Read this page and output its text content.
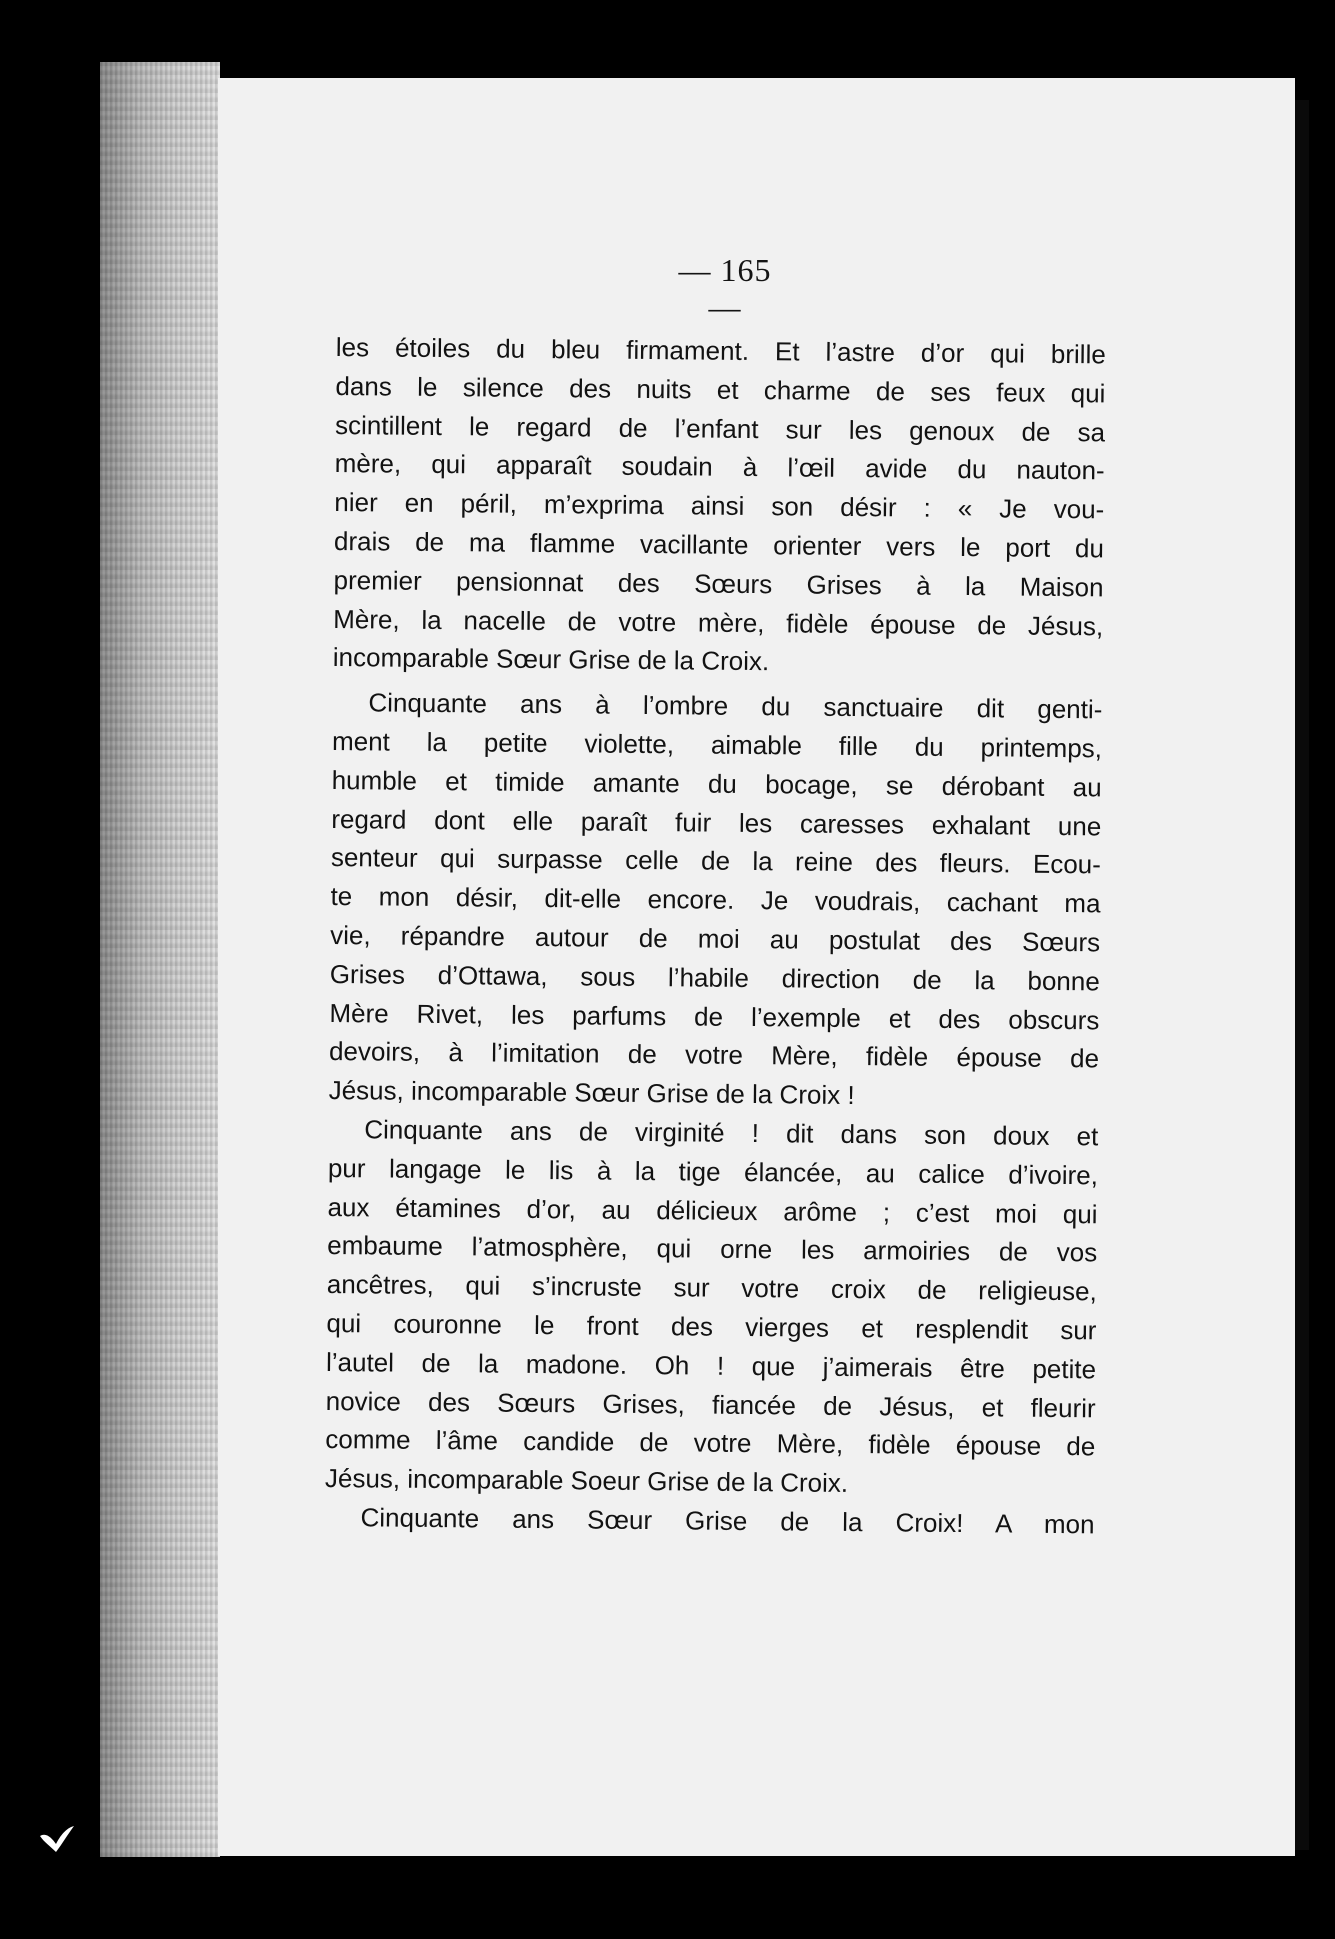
— 165 —
les étoiles du bleu firmament. Et l’astre d’or qui brille
dans le silence des nuits et charme de ses feux qui
scintillent le regard de l’enfant sur les genoux de sa
mère, qui apparaît soudain à l’œil avide du nauton-
nier en péril, m’exprima ainsi son désir : « Je vou-
drais de ma flamme vacillante orienter vers le port du
premier pensionnat des Sœurs Grises à la Maison
Mère, la nacelle de votre mère, fidèle épouse de Jésus,
incomparable Sœur Grise de la Croix.
Cinquante ans à l’ombre du sanctuaire dit genti-
ment la petite violette, aimable fille du printemps,
humble et timide amante du bocage, se dérobant au
regard dont elle paraît fuir les caresses exhalant une
senteur qui surpasse celle de la reine des fleurs. Ecou-
te mon désir, dit-elle encore. Je voudrais, cachant ma
vie, répandre autour de moi au postulat des Sœurs
Grises d’Ottawa, sous l’habile direction de la bonne
Mère Rivet, les parfums de l’exemple et des obscurs
devoirs, à l’imitation de votre Mère, fidèle épouse de
Jésus, incomparable Sœur Grise de la Croix !
Cinquante ans de virginité ! dit dans son doux et
pur langage le lis à la tige élancée, au calice d’ivoire,
aux étamines d’or, au délicieux arôme ; c’est moi qui
embaume l’atmosphère, qui orne les armoiries de vos
ancêtres, qui s’incruste sur votre croix de religieuse,
qui couronne le front des vierges et resplendit sur
l’autel de la madone. Oh ! que j’aimerais être petite
novice des Sœurs Grises, fiancée de Jésus, et fleurir
comme l’âme candide de votre Mère, fidèle épouse de
Jésus, incomparable Soeur Grise de la Croix.
Cinquante ans Sœur Grise de la Croix! A mon
